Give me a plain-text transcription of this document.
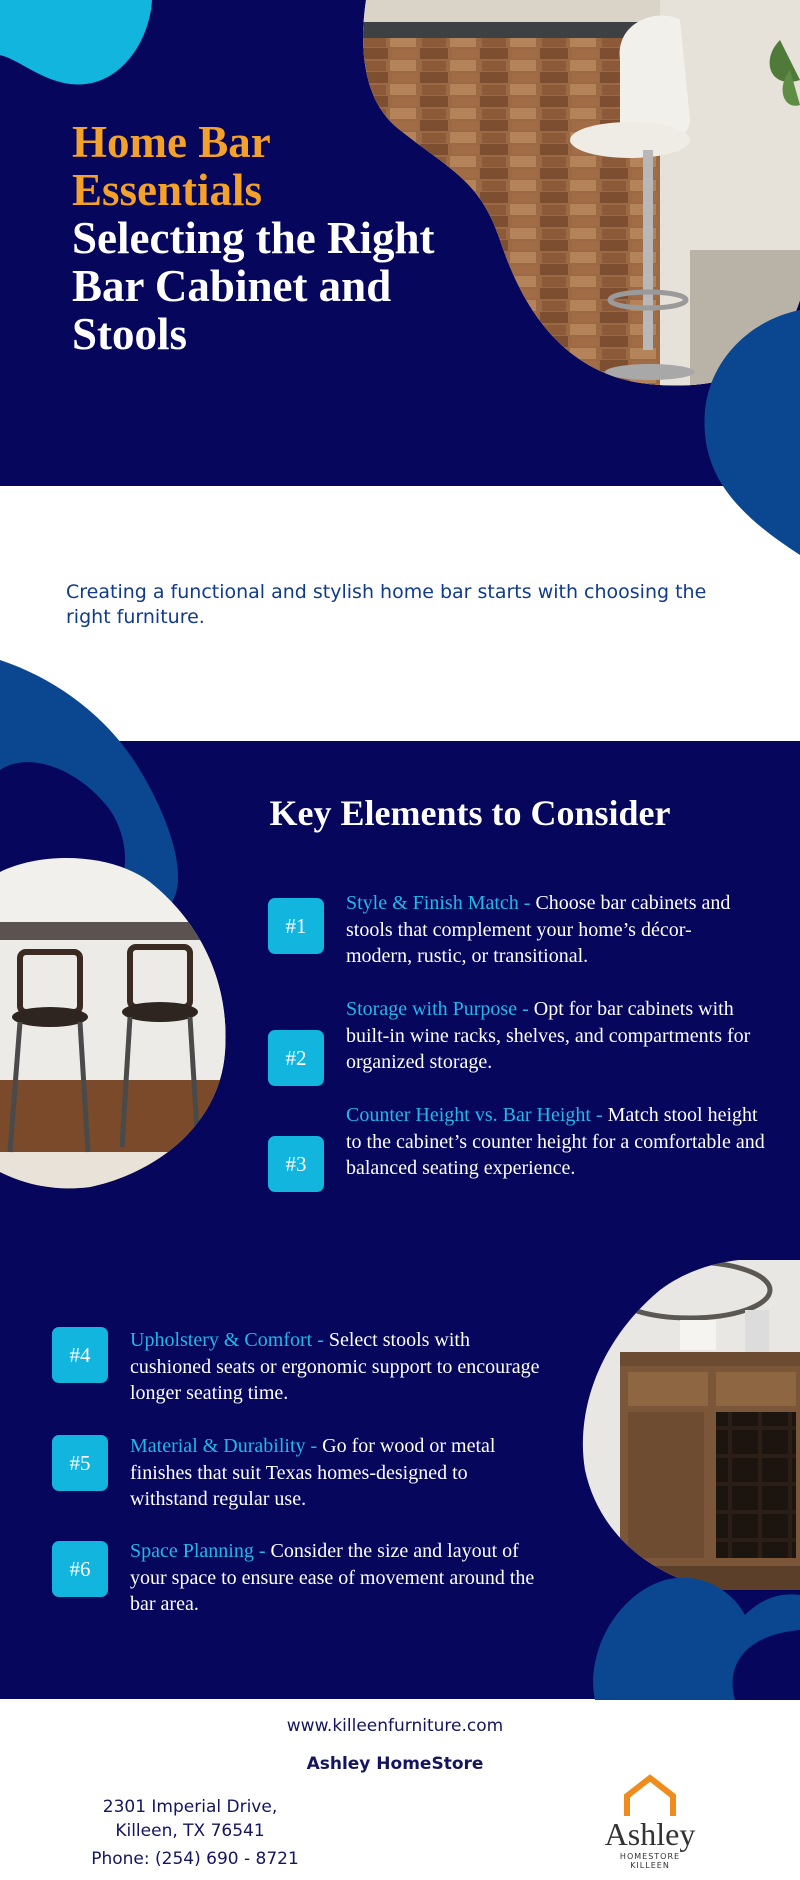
Home Bar
Essentials
Selecting the Right
Bar Cabinet and
Stools
Creating a functional and stylish home bar starts with choosing the right furniture.
Key Elements to Consider
#1
Style & Finish Match - Choose bar cabinets and stools that complement your home’s décor-modern, rustic, or transitional.
#2
Storage with Purpose - Opt for bar cabinets with built-in wine racks, shelves, and compartments for organized storage.
#3
Counter Height vs. Bar Height - Match stool height to the cabinet’s counter height for a comfortable and balanced seating experience.
#4
Upholstery & Comfort - Select stools with cushioned seats or ergonomic support to encourage longer seating time.
#5
Material & Durability - Go for wood or metal finishes that suit Texas homes-designed to withstand regular use.
#6
Space Planning - Consider the size and layout of your space to ensure ease of movement around the bar area.
www.killeenfurniture.com
Ashley HomeStore
2301 Imperial Drive,
Killeen, TX 76541
Phone: (254) 690 - 8721
Ashley
HOMESTORE
KILLEEN
